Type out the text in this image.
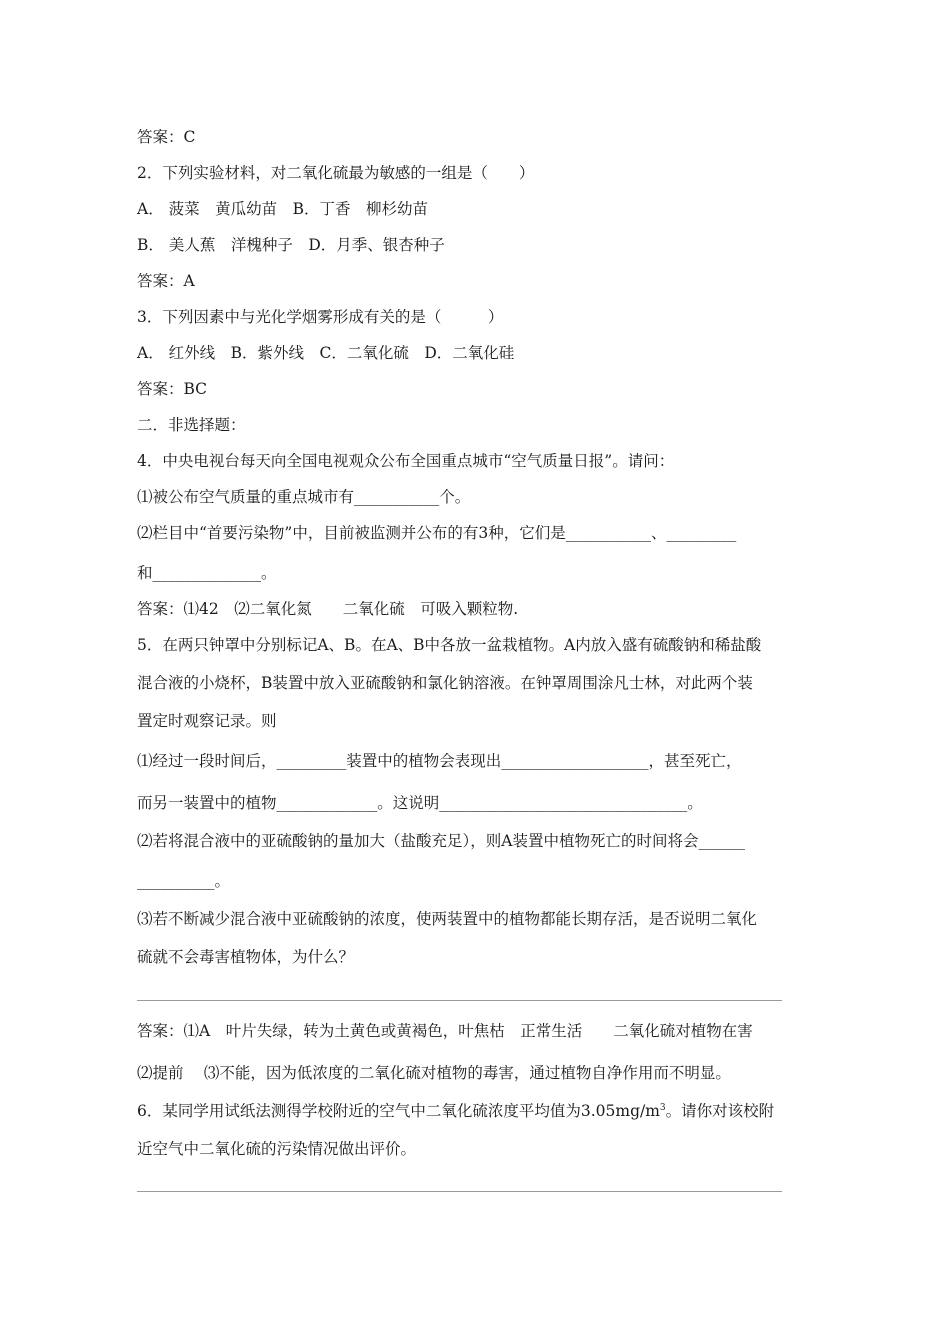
答案：C
2．下列实验材料，对二氧化硫最为敏感的一组是（　　）
A． 菠菜　黄瓜幼苗　B．丁香　柳杉幼苗
B． 美人蕉　洋槐种子　D．月季、银杏种子
答案：A
3．下列因素中与光化学烟雾形成有关的是（　　　）
A． 红外线　B．紫外线　C．二氧化硫　D．二氧化硅
答案：BC
二．非选择题：
4．中央电视台每天向全国电视观众公布全国重点城市“空气质量日报”。请问：
⑴被公布空气质量的重点城市有___________个。
⑵栏目中“首要污染物”中，目前被监测并公布的有3种，它们是___________、_________
和______________。
答案：⑴42　⑵二氧化氮　　二氧化硫　可吸入颗粒物.
5．在两只钟罩中分别标记A、B。在A、B中各放一盆栽植物。A内放入盛有硫酸钠和稀盐酸
混合液的小烧杯，B装置中放入亚硫酸钠和氯化钠溶液。在钟罩周围涂凡士林，对此两个装
置定时观察记录。则
⑴经过一段时间后，_________装置中的植物会表现出___________________，甚至死亡，
而另一装置中的植物_____________。这说明________________________________。
⑵若将混合液中的亚硫酸钠的量加大（盐酸充足），则A装置中植物死亡的时间将会______
__________。
⑶若不断减少混合液中亚硫酸钠的浓度，使两装置中的植物都能长期存活，是否说明二氧化
硫就不会毒害植物体，为什么？
答案：⑴A　叶片失绿，转为土黄色或黄褐色，叶焦枯　正常生活　　二氧化硫对植物在害
⑵提前　 ⑶不能，因为低浓度的二氧化硫对植物的毒害，通过植物自净作用而不明显。
6．某同学用试纸法测得学校附近的空气中二氧化硫浓度平均值为$3.05mg/m^3$。请你对该校附
近空气中二氧化硫的污染情况做出评价。
